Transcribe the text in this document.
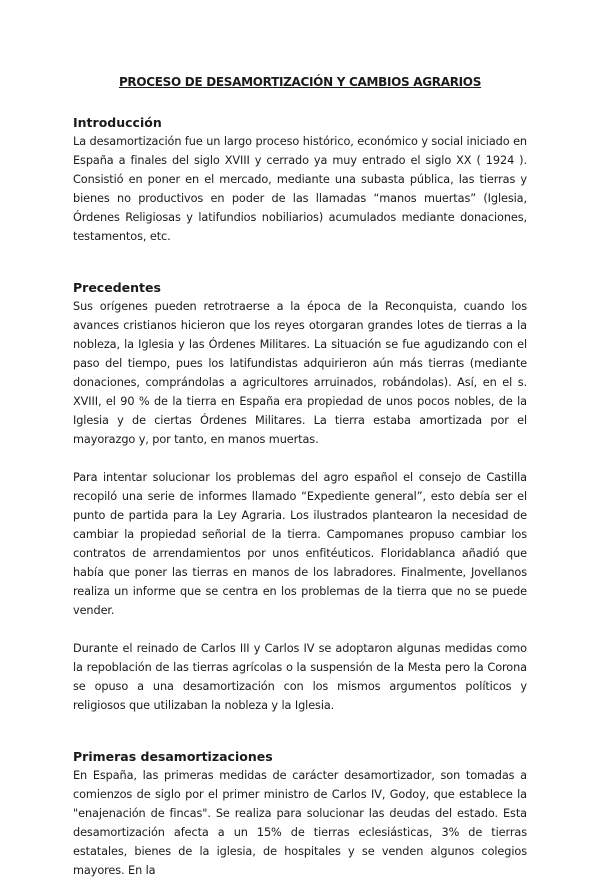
PROCESO DE DESAMORTIZACIÓN Y CAMBIOS AGRARIOS

Introducción

La desamortización fue un largo proceso histórico, económico y social iniciado en España a finales del siglo XVIII y cerrado ya muy entrado el siglo XX ( 1924 ). Consistió en poner en el mercado, mediante una subasta pública, las tierras y bienes no productivos en poder de las llamadas “manos muertas” (Iglesia, Órdenes Religiosas y latifundios nobiliarios) acumulados mediante donaciones, testamentos, etc.

Precedentes

Sus orígenes pueden retrotraerse a la época de la Reconquista, cuando los avances cristianos hicieron que los reyes otorgaran grandes lotes de tierras a la nobleza, la Iglesia y las Órdenes Militares. La situación se fue agudizando con el paso del tiempo, pues los latifundistas adquirieron aún más tierras (mediante donaciones, comprándolas a agricultores arruinados, robándolas). Así, en el s. XVIII, el 90 % de la tierra en España era propiedad de unos pocos nobles, de la Iglesia y de ciertas Órdenes Militares. La tierra estaba amortizada por el mayorazgo y, por tanto, en manos muertas.

Para intentar solucionar los problemas del agro español el consejo de Castilla recopiló una serie de informes llamado “Expediente general”, esto debía ser el punto de partida para la Ley Agraria. Los ilustrados plantearon la necesidad de cambiar la propiedad señorial de la tierra. Campomanes propuso cambiar los contratos de arrendamientos por unos enfitéuticos. Floridablanca añadió que había que poner las tierras en manos de los labradores. Finalmente, Jovellanos realiza un informe que se centra en los problemas de la tierra que no se puede vender.

Durante el reinado de Carlos III y Carlos IV se adoptaron algunas medidas como la repoblación de las tierras agrícolas o la suspensión de la Mesta pero la Corona se opuso a una desamortización con los mismos argumentos políticos y religiosos que utilizaban la nobleza y la Iglesia.

Primeras desamortizaciones

En España, las primeras medidas de carácter desamortizador, son tomadas a comienzos de siglo por el primer ministro de Carlos IV, Godoy, que establece la "enajenación de fincas". Se realiza para solucionar las deudas del estado. Esta desamortización afecta a un 15% de tierras eclesiásticas, 3% de tierras estatales, bienes de la iglesia, de hospitales y se venden algunos colegios mayores. En la
